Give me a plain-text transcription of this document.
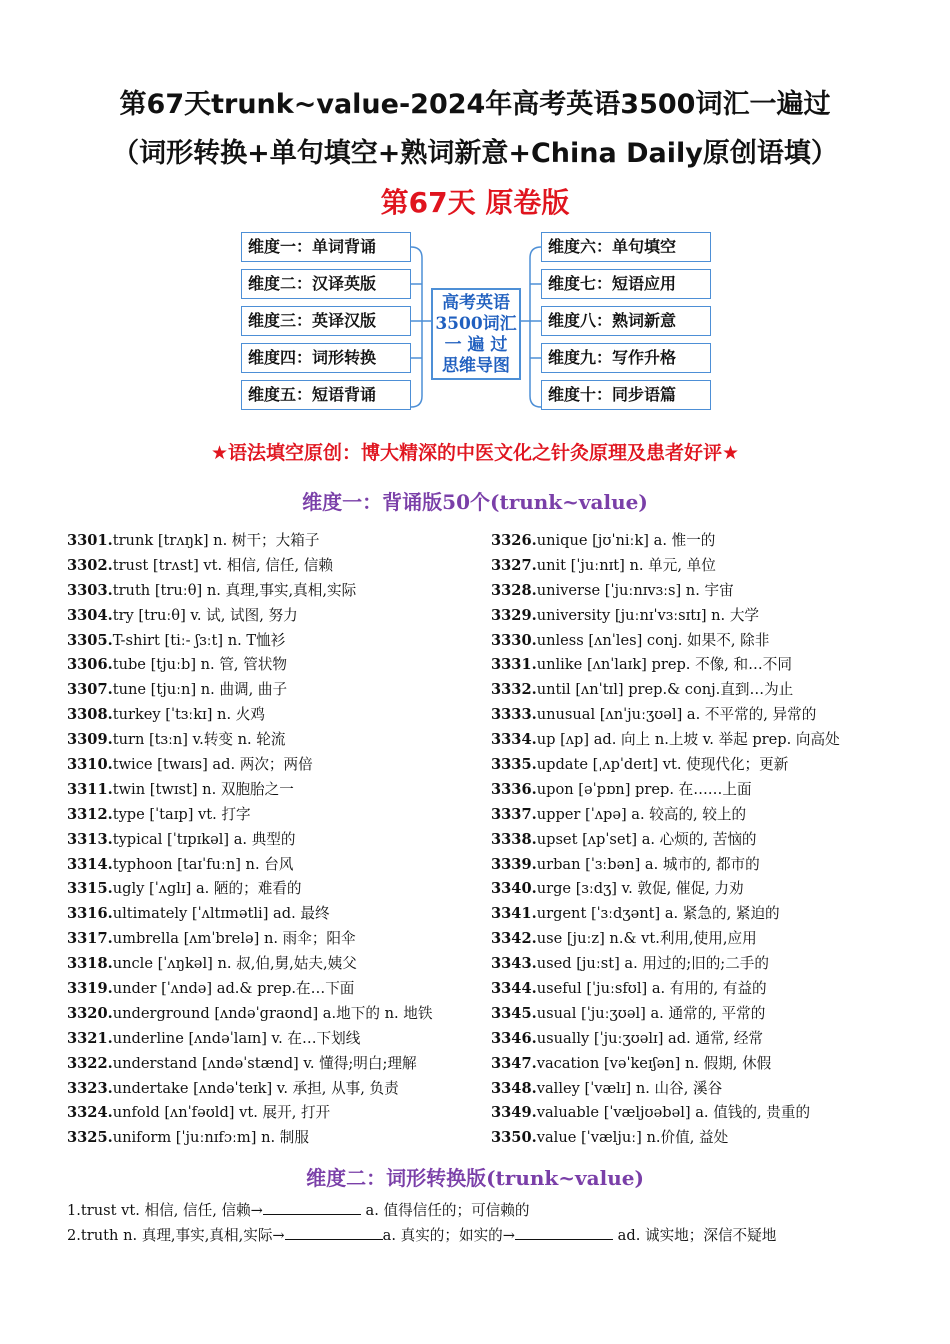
第67天trunk~value-2024年高考英语3500词汇一遍过
（词形转换+单句填空+熟词新意+China Daily原创语填）
第67天 原卷版
维度一：单词背诵
维度二：汉译英版
维度三：英译汉版
维度四：词形转换
维度五：短语背诵
高考英语
3500词汇
一 遍 过
思维导图
维度六：单句填空
维度七：短语应用
维度八：熟词新意
维度九：写作升格
维度十：同步语篇
★语法填空原创：博大精深的中医文化之针灸原理及患者好评★
维度一：背诵版50个(trunk~value)
3301.trunk [trʌŋk] n. 树干；大箱子
3302.trust [trʌst] vt. 相信, 信任, 信赖
3303.truth [truːθ] n. 真理,事实,真相,实际
3304.try [truːθ] v. 试, 试图, 努力
3305.T-shirt [tiː- ʃɜːt] n. T恤衫
3306.tube [tjuːb] n. 管, 管状物
3307.tune [tjuːn] n. 曲调, 曲子
3308.turkey [ˈtɜːkɪ] n. 火鸡
3309.turn [tɜːn] v.转变 n. 轮流
3310.twice [twaɪs] ad. 两次；两倍
3311.twin [twɪst] n. 双胞胎之一
3312.type [ˈtaɪp] vt. 打字
3313.typical [ˈtɪpɪkəl] a. 典型的
3314.typhoon [taɪˈfuːn] n. 台风
3315.ugly [ˈʌglɪ] a. 陋的；难看的
3316.ultimately [ˈʌltɪmətli] ad. 最终
3317.umbrella [ʌmˈbrelə] n. 雨伞；阳伞
3318.uncle [ˈʌŋkəl] n. 叔,伯,舅,姑夫,姨父
3319.under [ˈʌndə] ad.& prep.在…下面
3320.underground [ʌndəˈgraʊnd] a.地下的 n. 地铁
3321.underline [ʌndəˈlaɪn] v. 在…下划线
3322.understand [ʌndəˈstænd] v. 懂得;明白;理解
3323.undertake [ʌndəˈteɪk] v. 承担, 从事, 负责
3324.unfold [ʌnˈfəʊld] vt. 展开, 打开
3325.uniform [ˈjuːnɪfɔːm] n. 制服
3326.unique [jʊˈniːk] a. 惟一的
3327.unit [ˈjuːnɪt] n. 单元, 单位
3328.universe [ˈjuːnɪvɜːs] n. 宇宙
3329.university [juːnɪˈvɜːsɪtɪ] n. 大学
3330.unless [ʌnˈles] conj. 如果不, 除非
3331.unlike [ʌnˈlaɪk] prep. 不像, 和…不同
3332.until [ʌnˈtɪl] prep.& conj.直到…为止
3333.unusual [ʌnˈjuːʒʊəl] a. 不平常的, 异常的
3334.up [ʌp] ad. 向上 n.上坡 v. 举起 prep. 向高处
3335.update [ˌʌpˈdeɪt] vt. 使现代化；更新
3336.upon [əˈpɒn] prep. 在……上面
3337.upper [ˈʌpə] a. 较高的, 较上的
3338.upset [ʌpˈset] a. 心烦的, 苦恼的
3339.urban [ˈɜːbən] a. 城市的, 都市的
3340.urge [ɜːdʒ] v. 敦促, 催促, 力劝
3341.urgent [ˈɜːdʒənt] a. 紧急的, 紧迫的
3342.use [juːz] n.& vt.利用,使用,应用
3343.used [juːst] a. 用过的;旧的;二手的
3344.useful [ˈjuːsfʊl] a. 有用的, 有益的
3345.usual [ˈjuːʒʊəl] a. 通常的, 平常的
3346.usually [ˈjuːʒʊəlɪ] ad. 通常, 经常
3347.vacation [vəˈkeɪʃən] n. 假期, 休假
3348.valley [ˈvælɪ] n. 山谷, 溪谷
3349.valuable [ˈvæljʊəbəl] a. 值钱的, 贵重的
3350.value [ˈvæljuː] n.价值, 益处
维度二：词形转换版(trunk~value)
1.trust vt. 相信, 信任, 信赖→	a. 值得信任的；可信赖的
2.truth n. 真理,事实,真相,实际→	a. 真实的；如实的→	ad. 诚实地；深信不疑地
